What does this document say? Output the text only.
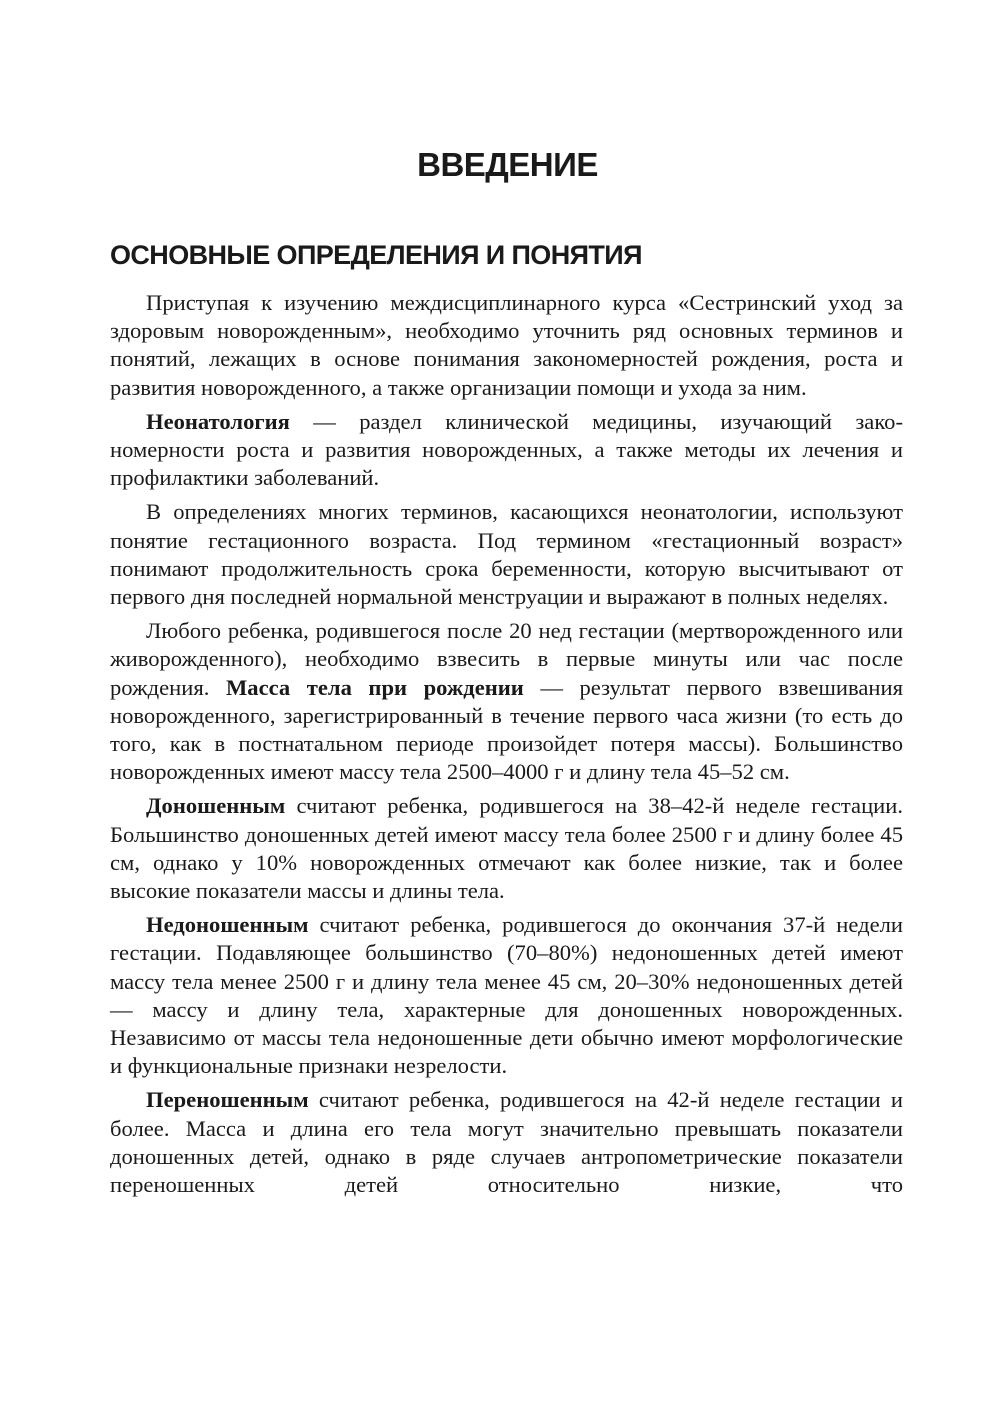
ВВЕДЕНИЕ
ОСНОВНЫЕ ОПРЕДЕЛЕНИЯ И ПОНЯТИЯ

Приступая к изучению междисциплинарного курса «Сестринский уход за здоровым новорожденным», необходимо уточнить ряд основных терминов и понятий, лежащих в основе понимания закономерностей рождения, роста и развития новорожденного, а также организации помощи и ухода за ним.

Неонатология — раздел клинической медицины, изучающий закономерности роста и развития новорожденных, а также методы их лечения и профилактики заболеваний.

В определениях многих терминов, касающихся неонатологии, используют понятие гестационного возраста. Под термином «гестационный возраст» понимают продолжительность срока беременности, которую высчитывают от первого дня последней нормальной менструации и выражают в полных неделях.

Любого ребенка, родившегося после 20 нед гестации (мертворожденного или живорожденного), необходимо взвесить в первые минуты или час после рождения. Масса тела при рождении — результат первого взвешивания новорожденного, зарегистрированный в течение первого часа жизни (то есть до того, как в постнатальном периоде произойдет потеря массы). Большинство новорожденных имеют массу тела 2500–4000 г и длину тела 45–52 см.

Доношенным считают ребенка, родившегося на 38–42-й неделе гестации. Большинство доношенных детей имеют массу тела более 2500 г и длину более 45 см, однако у 10% новорожденных отмечают как более низкие, так и более высокие показатели массы и длины тела.

Недоношенным считают ребенка, родившегося до окончания 37-й недели гестации. Подавляющее большинство (70–80%) недоношенных детей имеют массу тела менее 2500 г и длину тела менее 45 см, 20–30% недоношенных детей — массу и длину тела, характерные для доношенных новорожденных. Независимо от массы тела недоношенные дети обычно имеют морфологические и функциональные признаки незрелости.

Переношенным считают ребенка, родившегося на 42-й неделе гестации и более. Масса и длина его тела могут значительно превышать показатели доношенных детей, однако в ряде случаев антропометрические показатели переношенных детей относительно низкие, что
